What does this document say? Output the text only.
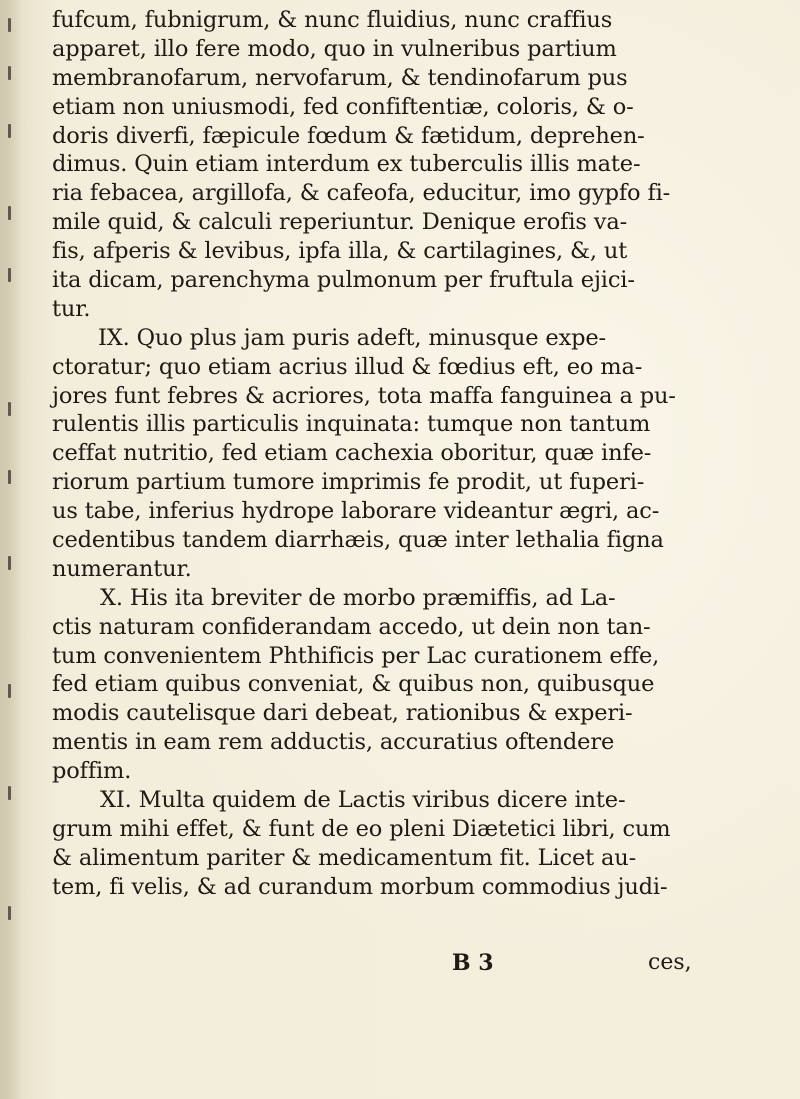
fufcum, fubnigrum, & nunc fluidius, nunc craffius
apparet, illo fere modo, quo in vulneribus partium
membranofarum, nervofarum, & tendinofarum pus
etiam non uniusmodi, fed confiftentiæ, coloris, & o-
doris diverfi, fæpicule fœdum & fætidum, deprehen-
dimus. Quin etiam interdum ex tuberculis illis mate-
ria febacea, argillofa, & cafeofa, educitur, imo gypfo fi-
mile quid, & calculi reperiuntur. Denique erofis va-
fis, afperis & levibus, ipfa illa, & cartilagines, &, ut
ita dicam, parenchyma pulmonum per fruftula ejici-
tur.
IX. Quo plus jam puris adeft, minusque expe-
ctoratur; quo etiam acrius illud & fœdius eft, eo ma-
jores funt febres & acriores, tota maffa fanguinea a pu-
rulentis illis particulis inquinata: tumque non tantum
ceffat nutritio, fed etiam cachexia oboritur, quæ infe-
riorum partium tumore imprimis fe prodit, ut fuperi-
us tabe, inferius hydrope laborare videantur ægri, ac-
cedentibus tandem diarrhæis, quæ inter lethalia figna
numerantur.
X. His ita breviter de morbo præmiffis, ad La-
ctis naturam confiderandam accedo, ut dein non tan-
tum convenientem Phthificis per Lac curationem effe,
fed etiam quibus conveniat, & quibus non, quibusque
modis cautelisque dari debeat, rationibus & experi-
mentis in eam rem adductis, accuratius oftendere
poffim.
XI. Multa quidem de Lactis viribus dicere inte-
grum mihi effet, & funt de eo pleni Diætetici libri, cum
& alimentum pariter & medicamentum fit. Licet au-
tem, fi velis, & ad curandum morbum commodius judi-
B 3	ces,
